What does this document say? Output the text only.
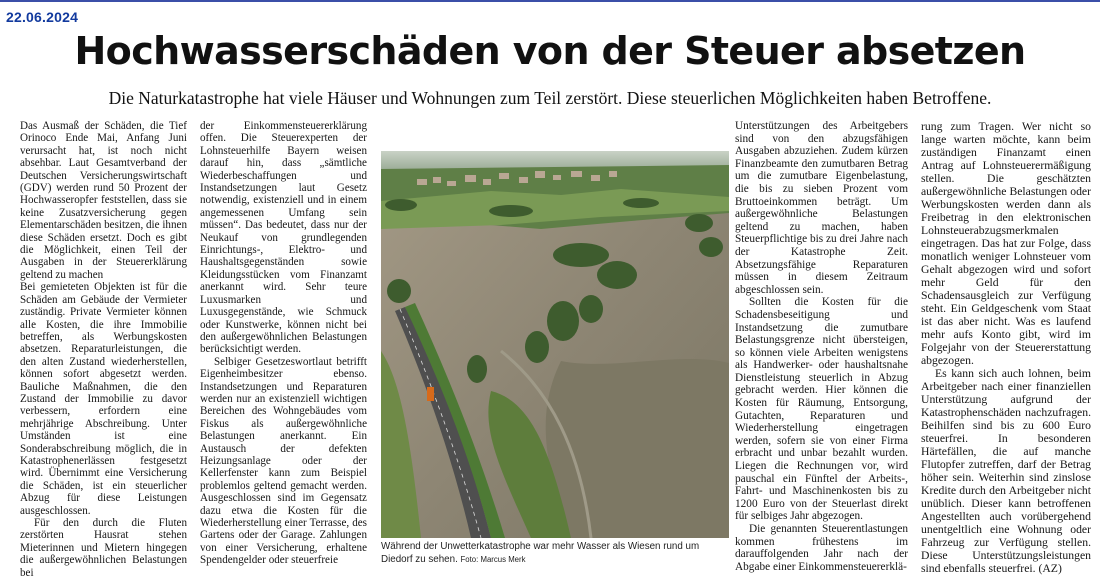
22.06.2024
Hochwasserschäden von der Steuer absetzen

Die Naturkatastrophe hat viele Häuser und Wohnungen zum Teil zerstört. Diese steuerlichen Möglichkeiten haben Betroffene.

Das Ausmaß der Schäden, die Tief Orinoco Ende Mai, Anfang Juni verursacht hat, ist noch nicht absehbar. Laut Gesamtverband der Deutschen Versicherungswirtschaft (GDV) werden rund 50 Prozent der Hochwasseropfer feststellen, dass sie keine Zusatzversicherung gegen Elementarschäden besitzen, die ihnen diese Schäden ersetzt. Doch es gibt die Möglichkeit, einen Teil der Ausgaben in der Steuererklärung geltend zu machen

Bei gemieteten Objekten ist für die Schäden am Gebäude der Vermieter zuständig. Private Vermieter können alle Kosten, die ihre Immobilie betreffen, als Werbungskosten absetzen. Reparaturleistungen, die den alten Zustand wiederherstellen, können sofort abgesetzt werden. Bauliche Maßnahmen, die den Zustand der Immobilie zu davor verbessern, erfordern eine mehrjährige Abschreibung. Unter Umständen ist eine Sonderabschreibung möglich, die in Katastrophenerlässen festgesetzt wird. Übernimmt eine Versicherung die Schäden, ist ein steuerlicher Abzug für diese Leistungen ausgeschlossen.

Für den durch die Fluten zerstörten Hausrat stehen Mieterinnen und Mietern hingegen die außergewöhnlichen Belastungen bei

der Einkommensteuererklärung offen. Die Steuerexperten der Lohnsteuerhilfe Bayern weisen darauf hin, dass „sämtliche Wiederbeschaffungen und Instandsetzungen laut Gesetz notwendig, existenziell und in einem angemessenen Umfang sein müssen“. Das bedeutet, dass nur der Neukauf von grundlegenden Einrichtungs-, Elektro- und Haushaltsgegenständen sowie Kleidungsstücken vom Finanzamt anerkannt wird. Sehr teure Luxusmarken und Luxusgegenstände, wie Schmuck oder Kunstwerke, können nicht bei den außergewöhnlichen Belastungen berücksichtigt werden.

Selbiger Gesetzeswortlaut betrifft Eigenheimbesitzer ebenso. Instandsetzungen und Reparaturen werden nur an existenziell wichtigen Bereichen des Wohngebäudes vom Fiskus als außergewöhnliche Belastungen anerkannt. Ein Austausch der defekten Heizungsanlage oder der Kellerfenster kann zum Beispiel problemlos geltend gemacht werden. Ausgeschlossen sind im Gegensatz dazu etwa die Kosten für die Wiederherstellung einer Terrasse, des Gartens oder der Garage. Zahlungen von einer Versicherung, erhaltene Spendengelder oder steuerfreie

Während der Unwetterkatastrophe war mehr Wasser als Wiesen rund um Diedorf zu sehen. Foto: Marcus Merk

Unterstützungen des Arbeitgebers sind von den abzugsfähigen Ausgaben abzuziehen. Zudem kürzen Finanzbeamte den zumutbaren Betrag um die zumutbare Eigenbelastung, die bis zu sieben Prozent vom Bruttoeinkommen beträgt. Um außergewöhnliche Belastungen geltend zu machen, haben Steuerpflichtige bis zu drei Jahre nach der Katastrophe Zeit. Absetzungsfähige Reparaturen müssen in diesem Zeitraum abgeschlossen sein.

Sollten die Kosten für die Schadensbeseitigung und Instandsetzung die zumutbare Belastungsgrenze nicht übersteigen, so können viele Arbeiten wenigstens als Handwerker- oder haushaltsnahe Dienstleistung steuerlich in Abzug gebracht werden. Hier können die Kosten für Räumung, Entsorgung, Gutachten, Reparaturen und Wiederherstellung eingetragen werden, sofern sie von einer Firma erbracht und unbar bezahlt wurden. Liegen die Rechnungen vor, wird pauschal ein Fünftel der Arbeits-, Fahrt- und Maschinenkosten bis zu 1200 Euro von der Steuerlast direkt für selbiges Jahr abgezogen.

Die genannten Steuerentlastungen kommen frühestens im darauffolgenden Jahr nach der Abgabe einer Einkommensteuererklä-

rung zum Tragen. Wer nicht so lange warten möchte, kann beim zuständigen Finanzamt einen Antrag auf Lohnsteuerermäßigung stellen. Die geschätzten außergewöhnliche Belastungen oder Werbungskosten werden dann als Freibetrag in den elektronischen Lohnsteuerabzugsmerkmalen eingetragen. Das hat zur Folge, dass monatlich weniger Lohnsteuer vom Gehalt abgezogen wird und sofort mehr Geld für den Schadensausgleich zur Verfügung steht. Ein Geldgeschenk vom Staat ist das aber nicht. Was es laufend mehr aufs Konto gibt, wird im Folgejahr von der Steuererstattung abgezogen.

Es kann sich auch lohnen, beim Arbeitgeber nach einer finanziellen Unterstützung aufgrund der Katastrophenschäden nachzufragen. Beihilfen sind bis zu 600 Euro steuerfrei. In besonderen Härtefällen, die auf manche Flutopfer zutreffen, darf der Betrag höher sein. Weiterhin sind zinslose Kredite durch den Arbeitgeber nicht unüblich. Dieser kann betroffenen Angestellten auch vorübergehend unentgeltlich eine Wohnung oder Fahrzeug zur Verfügung stellen. Diese Unterstützungsleistungen sind ebenfalls steuerfrei. (AZ)
